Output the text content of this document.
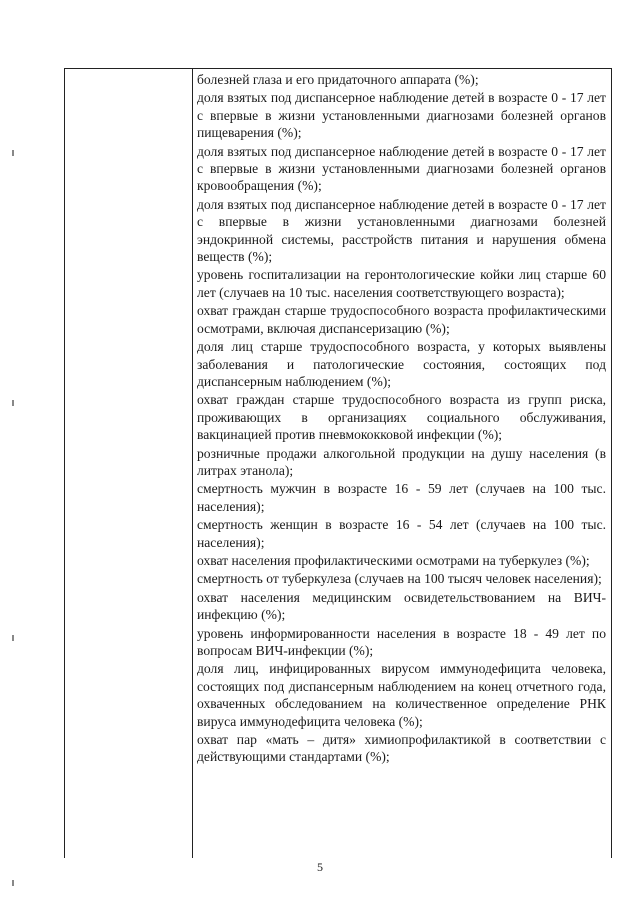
болезней глаза и его придаточного аппарата (%);

доля взятых под диспансерное наблюдение детей в возрасте 0 - 17 лет с впервые в жизни установленными диагнозами болезней органов пищеварения (%);

доля взятых под диспансерное наблюдение детей в возрасте 0 - 17 лет с впервые в жизни установленными диагнозами болезней органов кровообращения (%);

доля взятых под диспансерное наблюдение детей в возрасте 0 - 17 лет с впервые в жизни установленными диагнозами болезней эндокринной системы, расстройств питания и нарушения обмена веществ (%);

уровень госпитализации на геронтологические койки лиц старше 60 лет (случаев на 10 тыс. населения соответствующего возраста);

охват граждан старше трудоспособного возраста профилактическими осмотрами, включая диспансеризацию (%);

доля лиц старше трудоспособного возраста, у которых выявлены заболевания и патологические состояния, состоящих под диспансерным наблюдением (%);

охват граждан старше трудоспособного возраста из групп риска, проживающих в организациях социального обслуживания, вакцинацией против пневмококковой инфекции (%);

розничные продажи алкогольной продукции на душу населения (в литрах этанола);

смертность мужчин в возрасте 16 - 59 лет (случаев на 100 тыс. населения);

смертность женщин в возрасте 16 - 54 лет (случаев на 100 тыс. населения);

охват населения профилактическими осмотрами на туберкулез (%);

смертность от туберкулеза (случаев на 100 тысяч человек населения);

охват населения медицинским освидетельствованием на ВИЧ-инфекцию (%);

уровень информированности населения в возрасте 18 - 49 лет по вопросам ВИЧ-инфекции (%);

доля лиц, инфицированных вирусом иммунодефицита человека, состоящих под диспансерным наблюдением на конец отчетного года, охваченных обследованием на количественное определение РНК вируса иммунодефицита человека (%);

охват пар «мать – дитя» химиопрофилактикой в соответствии с действующими стандартами (%);

5
